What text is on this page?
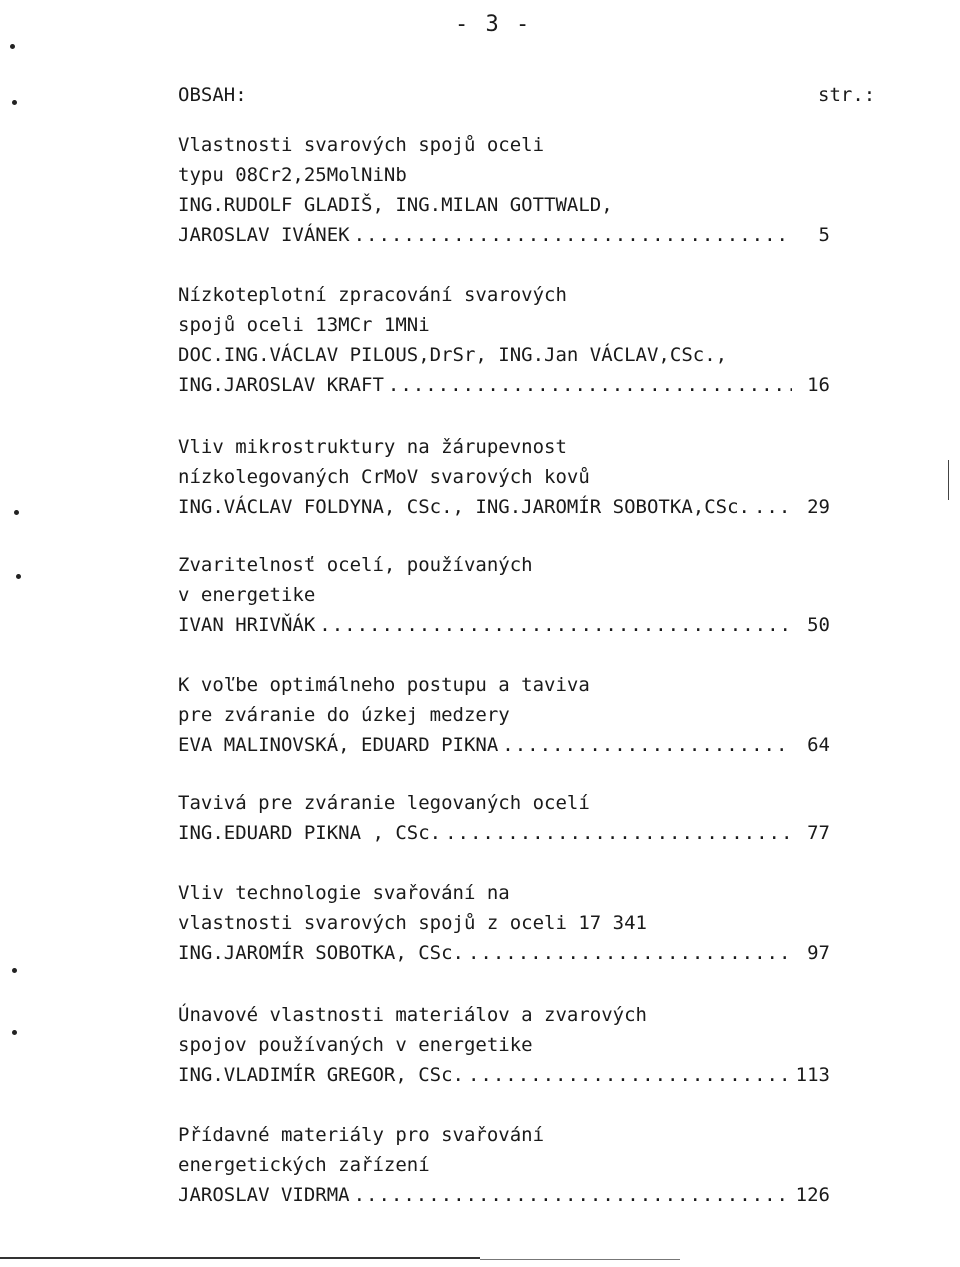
- 3 -
OBSAH:	str.:
Vlastnosti svarových spojů oceli
typu 08Cr2,25MolNiNb
ING.RUDOLF GLADIŠ, ING.MILAN GOTTWALD,
JAROSLAV IVÁNEK .....	5
Nízkoteplotní zpracování svarových
spojů oceli 13MCr 1MNi
DOC.ING.VÁCLAV PILOUS,DrSr, ING.Jan VÁCLAV,CSc.,
ING.JAROSLAV KRAFT .....	16
Vliv mikrostruktury na žárupevnost
nízkolegovaných CrMoV svarových kovů
ING.VÁCLAV FOLDYNA, CSc., ING.JAROMÍR SOBOTKA,CSc. .....	29
Zvaritelnosť ocelí, používaných
v energetike
IVAN HRIVŇÁK .....	50
K voľbe optimálneho postupu a taviva
pre zváranie do úzkej medzery
EVA MALINOVSKÁ, EDUARD PIKNA .....	64
Tavivá pre zváranie legovaných ocelí
ING.EDUARD PIKNA , CSc. .....	77
Vliv technologie svařování na
vlastnosti svarových spojů z oceli 17 341
ING.JAROMÍR SOBOTKA, CSc. .....	97
Únavové vlastnosti materiálov a zvarových
spojov používaných v energetike
ING.VLADIMÍR GREGOR, CSc. .....	113
Přídavné materiály pro svařování
energetických zařízení
JAROSLAV VIDRMA .....	126
